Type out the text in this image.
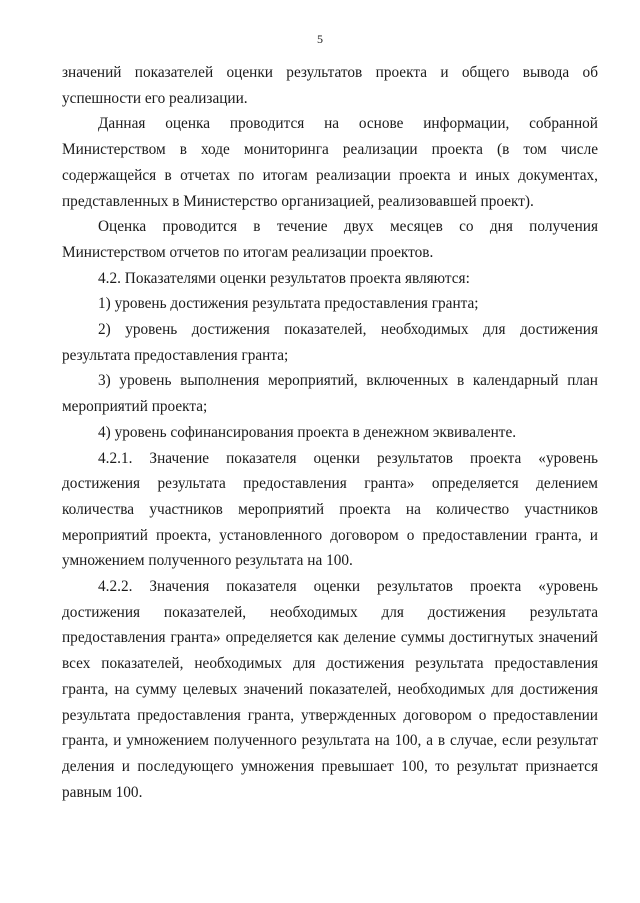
5

значений показателей оценки результатов проекта и общего вывода об успешности его реализации.

Данная оценка проводится на основе информации, собранной Министерством в ходе мониторинга реализации проекта (в том числе содержащейся в отчетах по итогам реализации проекта и иных документах, представленных в Министерство организацией, реализовавшей проект).

Оценка проводится в течение двух месяцев со дня получения Министерством отчетов по итогам реализации проектов.

4.2. Показателями оценки результатов проекта являются:

1) уровень достижения результата предоставления гранта;

2) уровень достижения показателей, необходимых для достижения результата предоставления гранта;

3) уровень выполнения мероприятий, включенных в календарный план мероприятий проекта;

4) уровень софинансирования проекта в денежном эквиваленте.

4.2.1. Значение показателя оценки результатов проекта «уровень достижения результата предоставления гранта» определяется делением количества участников мероприятий проекта на количество участников мероприятий проекта, установленного договором о предоставлении гранта, и умножением полученного результата на 100.

4.2.2. Значения показателя оценки результатов проекта «уровень достижения показателей, необходимых для достижения результата предоставления гранта» определяется как деление суммы достигнутых значений всех показателей, необходимых для достижения результата предоставления гранта, на сумму целевых значений показателей, необходимых для достижения результата предоставления гранта, утвержденных договором о предоставлении гранта, и умножением полученного результата на 100, а в случае, если результат деления и последующего умножения превышает 100, то результат признается равным 100.
